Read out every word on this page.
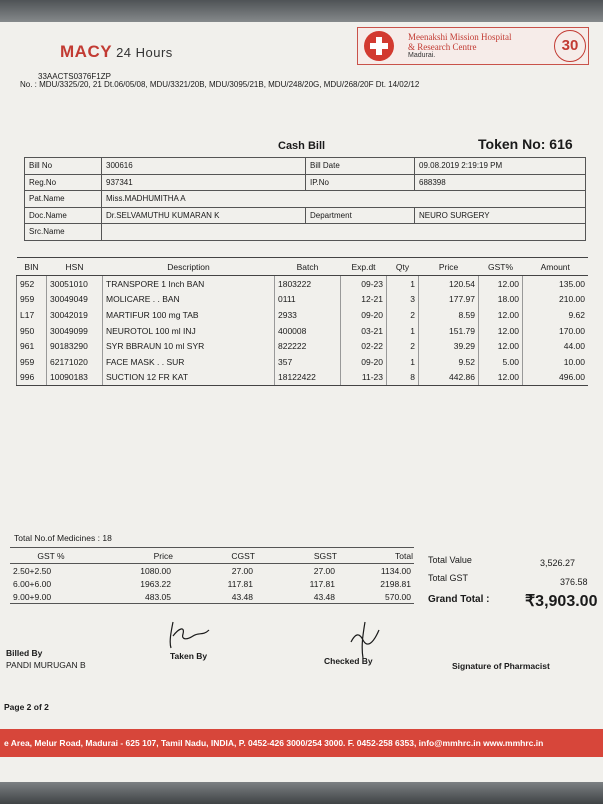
MACY 24 Hours
33AACTS0376F1ZP
No. : MDU/3325/20, 21 Dt.06/05/08, MDU/3321/20B, MDU/3095/21B, MDU/248/20G, MDU/268/20F Dt. 14/02/12
Meenakshi Mission Hospital
& Research Centre
Madurai.
30
Cash Bill	Token No: 616
Bill No	300616	Bill Date	09.08.2019 2:19:19 PM
Reg.No	937341	IP.No	688398
Pat.Name	Miss.MADHUMITHA A		
Doc.Name	Dr.SELVAMUTHU KUMARAN K	Department	NEURO SURGERY
Src.Name			
BIN	HSN	Description	Batch	Exp.dt	Qty	Price	GST%	Amount
952	30051010	TRANSPORE 1 Inch BAN	1803222	09-23	1	120.54	12.00	135.00
959	30049049	MOLICARE . . BAN	0111	12-21	3	177.97	18.00	210.00
L17	30042019	MARTIFUR 100 mg TAB	2933	09-20	2	8.59	12.00	9.62
950	30049099	NEUROTOL 100 ml INJ	400008	03-21	1	151.79	12.00	170.00
961	90183290	SYR BBRAUN 10 ml SYR	822222	02-22	2	39.29	12.00	44.00
959	62171020	FACE MASK . . SUR	357	09-20	1	9.52	5.00	10.00
996	10090183	SUCTION 12 FR KAT	18122422	11-23	8	442.86	12.00	496.00
Total No.of Medicines : 18
GST %	Price	CGST	SGST	Total
2.50+2.50	1080.00	27.00	27.00	1134.00
6.00+6.00	1963.22	117.81	117.81	2198.81
9.00+9.00	483.05	43.48	43.48	570.00
Total Value	3,526.27
Total GST	376.58
Grand Total : ₹3,903.00
Billed By
PANDI MURUGAN B
Taken By	Checked By	Signature of Pharmacist
Page 2 of 2
e Area, Melur Road, Madurai - 625 107, Tamil Nadu, INDIA, P. 0452-426 3000/254 3000. F. 0452-258 6353, info@mmhrc.in www.mmhrc.in
